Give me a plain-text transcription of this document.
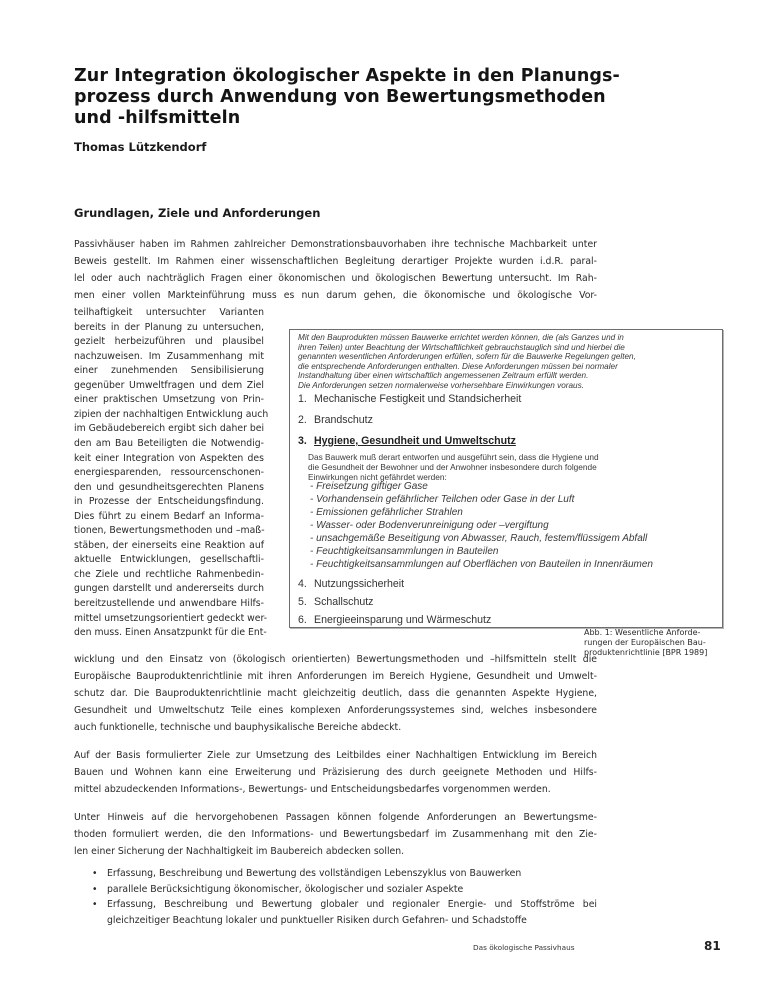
Zur Integration ökologischer Aspekte in den Planungs-
prozess durch Anwendung von Bewertungsmethoden
und -hilfsmitteln
Thomas Lützkendorf
Grundlagen, Ziele und Anforderungen
Passivhäuser haben im Rahmen zahlreicher Demonstrationsbauvorhaben ihre technische Machbarkeit unter
Beweis gestellt. Im Rahmen einer wissenschaftlichen Begleitung derartiger Projekte wurden i.d.R. paral-
lel oder auch nachträglich Fragen einer ökonomischen und ökologischen Bewertung untersucht. Im Rah-
men einer vollen Markteinführung muss es nun darum gehen, die ökonomische und ökologische Vor-
teilhaftigkeit untersuchter Varianten
bereits in der Planung zu untersuchen,
gezielt herbeizuführen und plausibel
nachzuweisen. Im Zusammenhang mit
einer zunehmenden Sensibilisierung
gegenüber Umweltfragen und dem Ziel
einer praktischen Umsetzung von Prin-
zipien der nachhaltigen Entwicklung auch
im Gebäudebereich ergibt sich daher bei
den am Bau Beteiligten die Notwendig-
keit einer Integration von Aspekten des
energiesparenden, ressourcenschonen-
den und gesundheitsgerechten Planens
in Prozesse der Entscheidungsfindung.
Dies führt zu einem Bedarf an Informa-
tionen, Bewertungsmethoden und –maß-
stäben, der einerseits eine Reaktion auf
aktuelle Entwicklungen, gesellschaftli-
che Ziele und rechtliche Rahmenbedin-
gungen darstellt und andererseits durch
bereitzustellende und anwendbare Hilfs-
mittel umsetzungsorientiert gedeckt wer-
den muss. Einen Ansatzpunkt für die Ent-
Mit den Bauprodukten müssen Bauwerke errichtet werden können, die (als Ganzes und in
ihren Teilen) unter Beachtung der Wirtschaftlichkeit gebrauchstauglich sind und hierbei die
genannten wesentlichen Anforderungen erfüllen, sofern für die Bauwerke Regelungen gelten,
die entsprechende Anforderungen enthalten. Diese Anforderungen müssen bei normaler
Instandhaltung über einen wirtschaftlich angemessenen Zeitraum erfüllt werden.
Die Anforderungen setzen normalerweise vorhersehbare Einwirkungen voraus.
1. Mechanische Festigkeit und Standsicherheit
2. Brandschutz
3. Hygiene, Gesundheit und Umweltschutz
Das Bauwerk muß derart entworfen und ausgeführt sein, dass die Hygiene und
die Gesundheit der Bewohner und der Anwohner insbesondere durch folgende
Einwirkungen nicht gefährdet werden:
- Freisetzung giftiger Gase
- Vorhandensein gefährlicher Teilchen oder Gase in der Luft
- Emissionen gefährlicher Strahlen
- Wasser- oder Bodenverunreinigung oder –vergiftung
- unsachgemäße Beseitigung von Abwasser, Rauch, festem/flüssigem Abfall
- Feuchtigkeitsansammlungen in Bauteilen
- Feuchtigkeitsansammlungen auf Oberflächen von Bauteilen in Innenräumen
4. Nutzungssicherheit
5. Schallschutz
6. Energieeinsparung und Wärmeschutz
Abb. 1: Wesentliche Anforde-
rungen der Europäischen Bau-
produktenrichtlinie [BPR 1989]
wicklung und den Einsatz von (ökologisch orientierten) Bewertungsmethoden und –hilfsmitteln stellt die
Europäische Bauproduktenrichtlinie mit ihren Anforderungen im Bereich Hygiene, Gesundheit und Umwelt-
schutz dar. Die Bauproduktenrichtlinie macht gleichzeitig deutlich, dass die genannten Aspekte Hygiene,
Gesundheit und Umweltschutz Teile eines komplexen Anforderungssystemes sind, welches insbesondere
auch funktionelle, technische und bauphysikalische Bereiche abdeckt.
Auf der Basis formulierter Ziele zur Umsetzung des Leitbildes einer Nachhaltigen Entwicklung im Bereich
Bauen und Wohnen kann eine Erweiterung und Präzisierung des durch geeignete Methoden und Hilfs-
mittel abzudeckenden Informations-, Bewertungs- und Entscheidungsbedarfes vorgenommen werden.
Unter Hinweis auf die hervorgehobenen Passagen können folgende Anforderungen an Bewertungsme-
thoden formuliert werden, die den Informations- und Bewertungsbedarf im Zusammenhang mit den Zie-
len einer Sicherung der Nachhaltigkeit im Baubereich abdecken sollen.
• Erfassung, Beschreibung und Bewertung des vollständigen Lebenszyklus von Bauwerken
• parallele Berücksichtigung ökonomischer, ökologischer und sozialer Aspekte
• Erfassung, Beschreibung und Bewertung globaler und regionaler Energie- und Stoffströme bei
gleichzeitiger Beachtung lokaler und punktueller Risiken durch Gefahren- und Schadstoffe
Das ökologische Passivhaus	81
